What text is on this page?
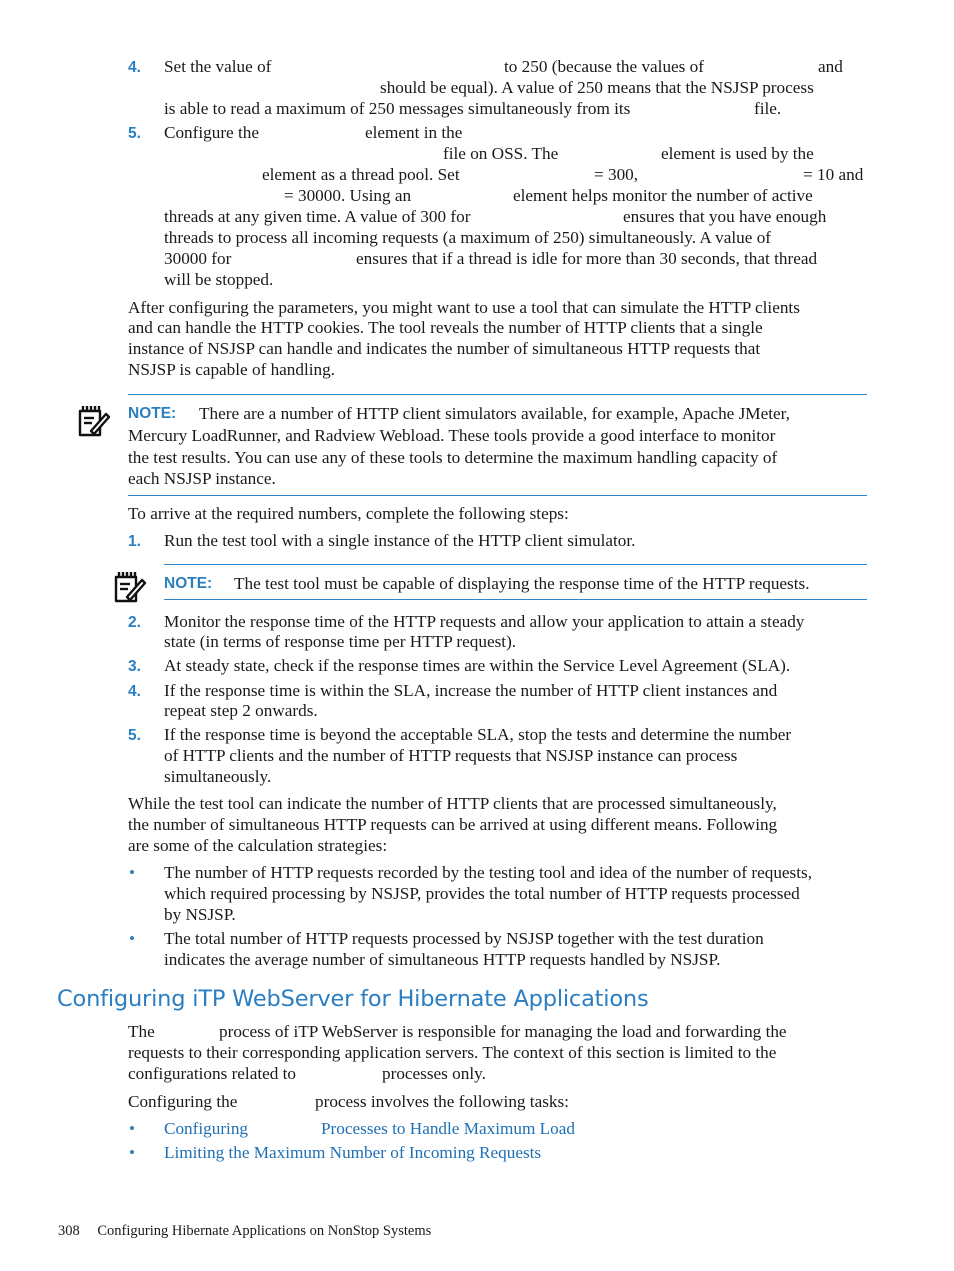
4. Set the value of	to 250 (because the values of	and
should be equal). A value of 250 means that the NSJSP process
is able to read a maximum of 250 messages simultaneously from its	file.
5. Configure the	element in the
file on OSS. The	element is used by the
element as a thread pool. Set	= 300,	= 10 and
= 30000. Using an	element helps monitor the number of active
threads at any given time. A value of 300 for	ensures that you have enough
threads to process all incoming requests (a maximum of 250) simultaneously. A value of
30000 for	ensures that if a thread is idle for more than 30 seconds, that thread
will be stopped.
After configuring the parameters, you might want to use a tool that can simulate the HTTP clients
and can handle the HTTP cookies. The tool reveals the number of HTTP clients that a single
instance of NSJSP can handle and indicates the number of simultaneous HTTP requests that
NSJSP is capable of handling.
NOTE: There are a number of HTTP client simulators available, for example, Apache JMeter,
Mercury LoadRunner, and Radview Webload. These tools provide a good interface to monitor
the test results. You can use any of these tools to determine the maximum handling capacity of
each NSJSP instance.
To arrive at the required numbers, complete the following steps:
1. Run the test tool with a single instance of the HTTP client simulator.
NOTE: The test tool must be capable of displaying the response time of the HTTP requests.
2. Monitor the response time of the HTTP requests and allow your application to attain a steady
state (in terms of response time per HTTP request).
3. At steady state, check if the response times are within the Service Level Agreement (SLA).
4. If the response time is within the SLA, increase the number of HTTP client instances and
repeat step 2 onwards.
5. If the response time is beyond the acceptable SLA, stop the tests and determine the number
of HTTP clients and the number of HTTP requests that NSJSP instance can process
simultaneously.
While the test tool can indicate the number of HTTP clients that are processed simultaneously,
the number of simultaneous HTTP requests can be arrived at using different means. Following
are some of the calculation strategies:
• The number of HTTP requests recorded by the testing tool and idea of the number of requests,
which required processing by NSJSP, provides the total number of HTTP requests processed
by NSJSP.
• The total number of HTTP requests processed by NSJSP together with the test duration
indicates the average number of simultaneous HTTP requests handled by NSJSP.
Configuring iTP WebServer for Hibernate Applications
The	process of iTP WebServer is responsible for managing the load and forwarding the
requests to their corresponding application servers. The context of this section is limited to the
configurations related to	processes only.
Configuring the	process involves the following tasks:
• Configuring	Processes to Handle Maximum Load
• Limiting the Maximum Number of Incoming Requests
308 Configuring Hibernate Applications on NonStop Systems
